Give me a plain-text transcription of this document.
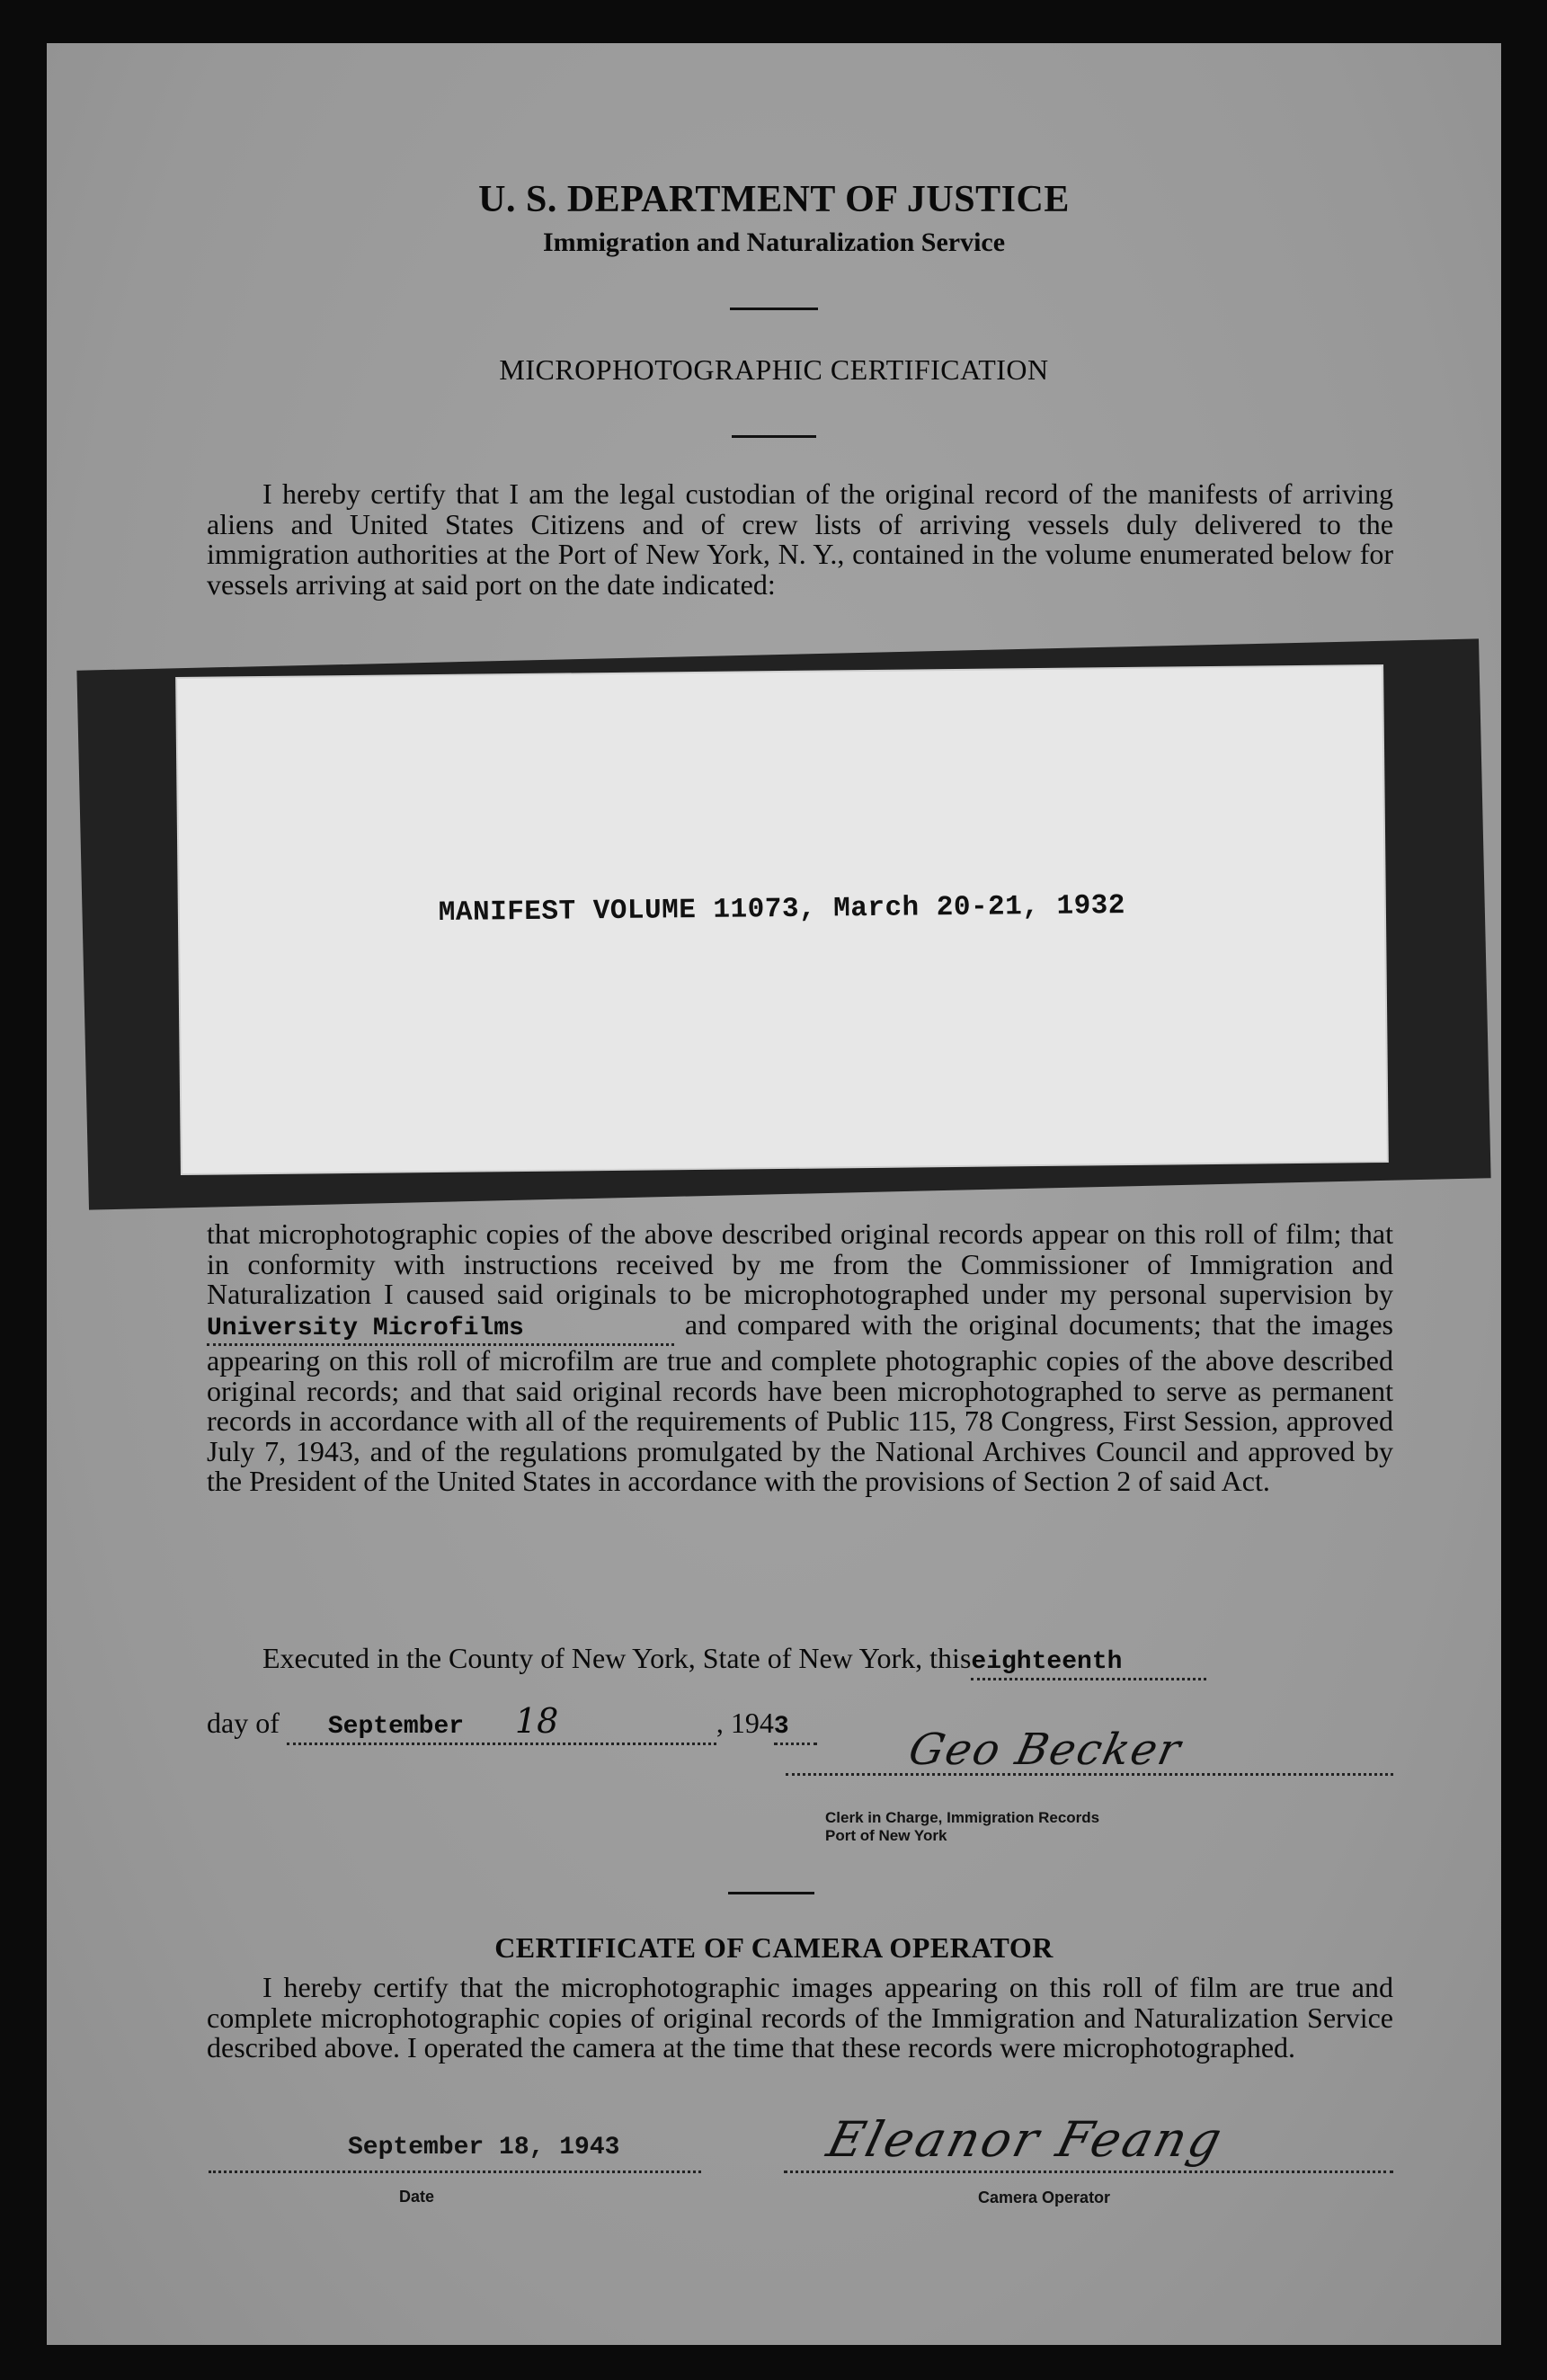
U. S. DEPARTMENT OF JUSTICE
Immigration and Naturalization Service
MICROPHOTOGRAPHIC CERTIFICATION

I hereby certify that I am the legal custodian of the original record of the manifests of arriving aliens and United States Citizens and of crew lists of arriving vessels duly delivered to the immigration authorities at the Port of New York, N. Y., contained in the volume enumerated below for vessels arriving at said port on the date indicated:

MANIFEST VOLUME 11073, March 20-21, 1932

that microphotographic copies of the above described original records appear on this roll of film; that in conformity with instructions received by me from the Commissioner of Immigration and Naturalization I caused said originals to be microphotographed under my personal supervision by University Microfilms	and compared with the original documents; that the images appearing on this roll of microfilm are true and complete photographic copies of the above described original records; and that said original records have been microphotographed to serve as permanent records in accordance with all of the requirements of Public 115, 78 Congress, First Session, approved July 7, 1943, and of the regulations promulgated by the National Archives Council and approved by the President of the United States in accordance with the provisions of Section 2 of said Act.

Executed in the County of New York, State of New York, thiseighteenth
day of September 18	, 1943	Geo Becker
Clerk in Charge, Immigration Records
Port of New York
CERTIFICATE OF CAMERA OPERATOR

I hereby certify that the microphotographic images appearing on this roll of film are true and complete microphotographic copies of original records of the Immigration and Naturalization Service described above. I operated the camera at the time that these records were microphotographed.

September 18, 1943
Date
Eleanor Feang
Camera Operator
